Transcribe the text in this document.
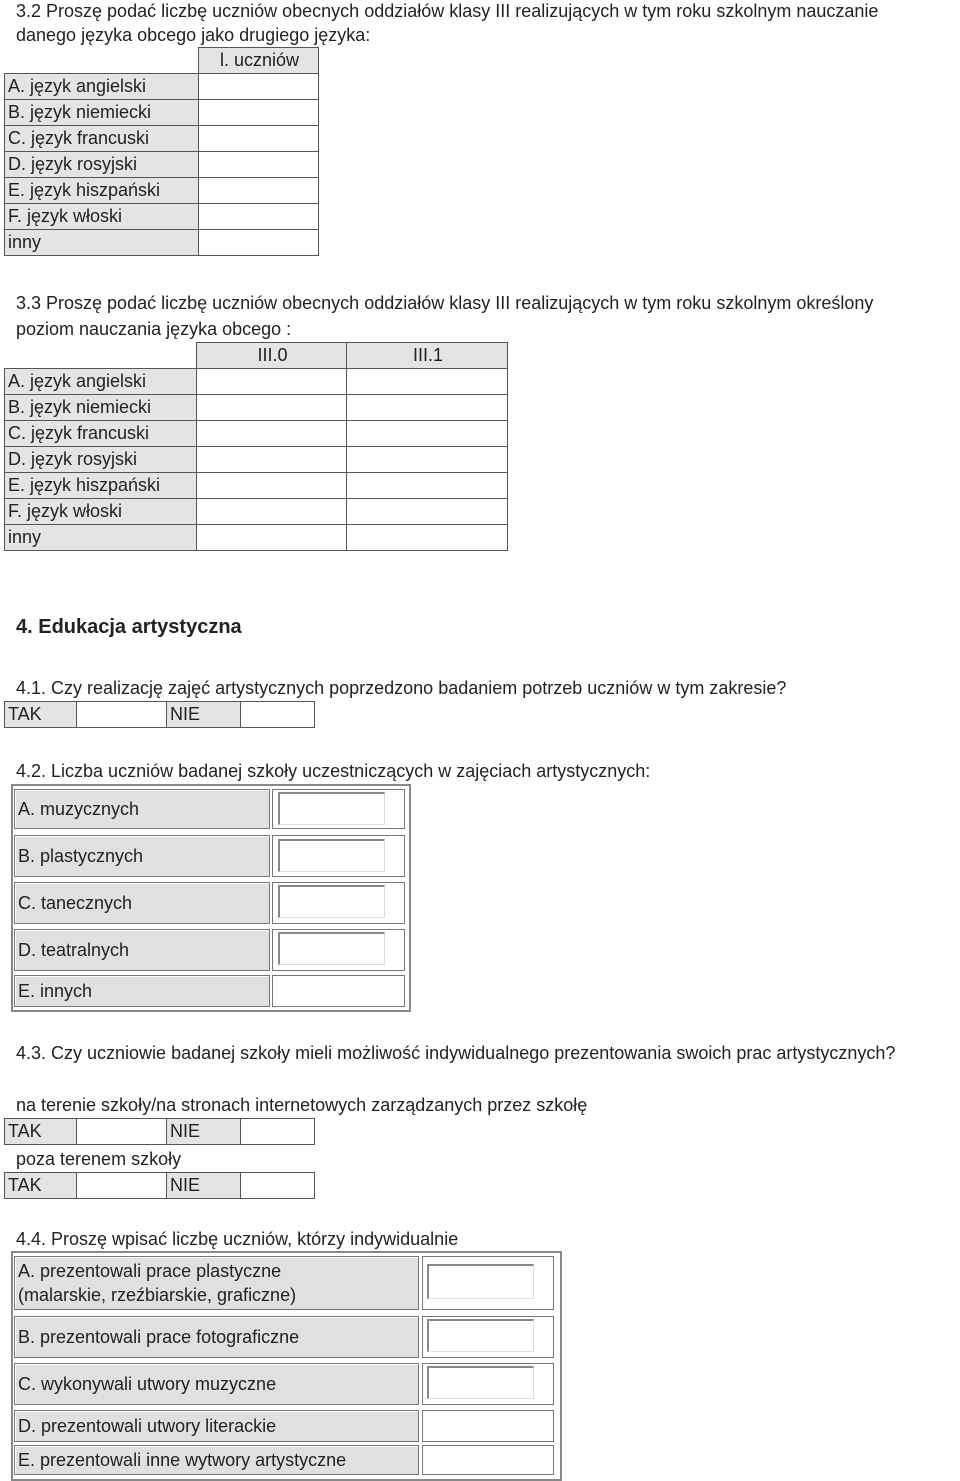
3.2 Proszę podać liczbę uczniów obecnych oddziałów klasy III realizujących w tym roku szkolnym nauczanie
danego języka obcego jako drugiego języka:
	l. uczniów
A. język angielski	
B. język niemiecki	
C. język francuski	
D. język rosyjski	
E. język hiszpański	
F. język włoski	
inny	
3.3 Proszę podać liczbę uczniów obecnych oddziałów klasy III realizujących w tym roku szkolnym określony
poziom nauczania języka obcego :
	III.0	III.1
A. język angielski		
B. język niemiecki		
C. język francuski		
D. język rosyjski		
E. język hiszpański		
F. język włoski		
inny		
4. Edukacja artystyczna
4.1. Czy realizację zajęć artystycznych poprzedzono badaniem potrzeb uczniów w tym zakresie?
TAK		NIE	
4.2. Liczba uczniów badanej szkoły uczestniczących w zajęciach artystycznych:
A. muzycznych
B. plastycznych
C. tanecznych
D. teatralnych
E. innych
4.3. Czy uczniowie badanej szkoły mieli możliwość indywidualnego prezentowania swoich prac artystycznych?
na terenie szkoły/na stronach internetowych zarządzanych przez szkołę
TAK		NIE	
poza terenem szkoły
TAK		NIE	
4.4. Proszę wpisać liczbę uczniów, którzy indywidualnie
A. prezentowali prace plastyczne
(malarskie, rzeźbiarskie, graficzne)
B. prezentowali prace fotograficzne
C. wykonywali utwory muzyczne
D. prezentowali utwory literackie
E. prezentowali inne wytwory artystyczne
